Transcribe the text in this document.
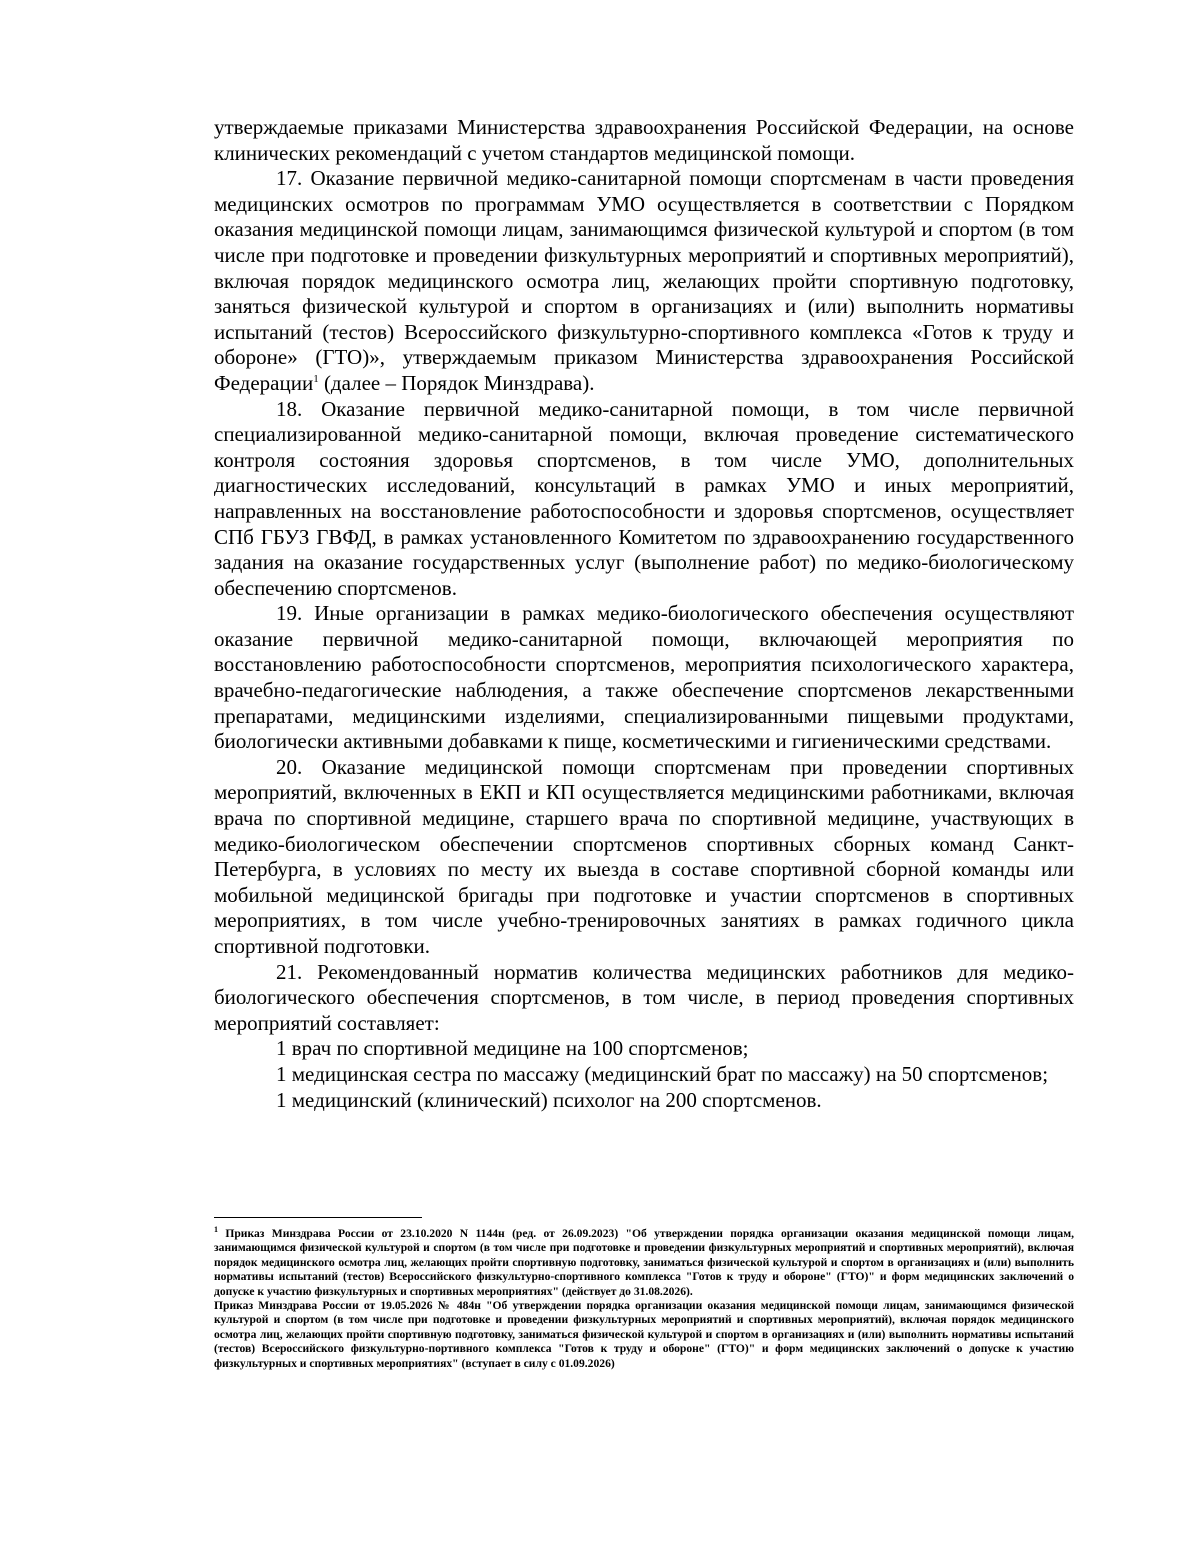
утверждаемые приказами Министерства здравоохранения Российской Федерации, на основе клинических рекомендаций с учетом стандартов медицинской помощи.

17. Оказание первичной медико-санитарной помощи спортсменам в части проведения медицинских осмотров по программам УМО осуществляется в соответствии с Порядком оказания медицинской помощи лицам, занимающимся физической культурой и спортом (в том числе при подготовке и проведении физкультурных мероприятий и спортивных мероприятий), включая порядок медицинского осмотра лиц, желающих пройти спортивную подготовку, заняться физической культурой и спортом в организациях и (или) выполнить нормативы испытаний (тестов) Всероссийского физкультурно-спортивного комплекса «Готов к труду и обороне» (ГТО)», утверждаемым приказом Министерства здравоохранения Российской Федерации$^1$ (далее – Порядок Минздрава).

18. Оказание первичной медико-санитарной помощи, в том числе первичной специализированной медико-санитарной помощи, включая проведение систематического контроля состояния здоровья спортсменов, в том числе УМО, дополнительных диагностических исследований, консультаций в рамках УМО и иных мероприятий, направленных на восстановление работоспособности и здоровья спортсменов, осуществляет СПб ГБУЗ ГВФД, в рамках установленного Комитетом по здравоохранению государственного задания на оказание государственных услуг (выполнение работ) по медико-биологическому обеспечению спортсменов.

19. Иные организации в рамках медико-биологического обеспечения осуществляют оказание первичной медико-санитарной помощи, включающей мероприятия по восстановлению работоспособности спортсменов, мероприятия психологического характера, врачебно-педагогические наблюдения, а также обеспечение спортсменов лекарственными препаратами, медицинскими изделиями, специализированными пищевыми продуктами, биологически активными добавками к пище, косметическими и гигиеническими средствами.

20. Оказание медицинской помощи спортсменам при проведении спортивных мероприятий, включенных в ЕКП и КП осуществляется медицинскими работниками, включая врача по спортивной медицине, старшего врача по спортивной медицине, участвующих в медико-биологическом обеспечении спортсменов спортивных сборных команд Санкт-Петербурга, в условиях по месту их выезда в составе спортивной сборной команды или мобильной медицинской бригады при подготовке и участии спортсменов в спортивных мероприятиях, в том числе учебно-тренировочных занятиях в рамках годичного цикла спортивной подготовки.

21. Рекомендованный норматив количества медицинских работников для медико-биологического обеспечения спортсменов, в том числе, в период проведения спортивных мероприятий составляет:

1 врач по спортивной медицине на 100 спортсменов;

1 медицинская сестра по массажу (медицинский брат по массажу) на 50 спортсменов;

1 медицинский (клинический) психолог на 200 спортсменов.

$^1$ Приказ Минздрава России от 23.10.2020 N 1144н (ред. от 26.09.2023) "Об утверждении порядка организации оказания медицинской помощи лицам, занимающимся физической культурой и спортом (в том числе при подготовке и проведении физкультурных мероприятий и спортивных мероприятий), включая порядок медицинского осмотра лиц, желающих пройти спортивную подготовку, заниматься физической культурой и спортом в организациях и (или) выполнить нормативы испытаний (тестов) Всероссийского физкультурно-спортивного комплекса "Готов к труду и обороне" (ГТО)" и форм медицинских заключений о допуске к участию физкультурных и спортивных мероприятиях" (действует до 31.08.2026).

Приказ Минздрава России от 19.05.2026 № 484н "Об утверждении порядка организации оказания медицинской помощи лицам, занимающимся физической культурой и спортом (в том числе при подготовке и проведении физкультурных мероприятий и спортивных мероприятий), включая порядок медицинского осмотра лиц, желающих пройти спортивную подготовку, заниматься физической культурой и спортом в организациях и (или) выполнить нормативы испытаний (тестов) Всероссийского физкультурно-портивного комплекса "Готов к труду и обороне" (ГТО)" и форм медицинских заключений о допуске к участию физкультурных и спортивных мероприятиях" (вступает в силу с 01.09.2026)
